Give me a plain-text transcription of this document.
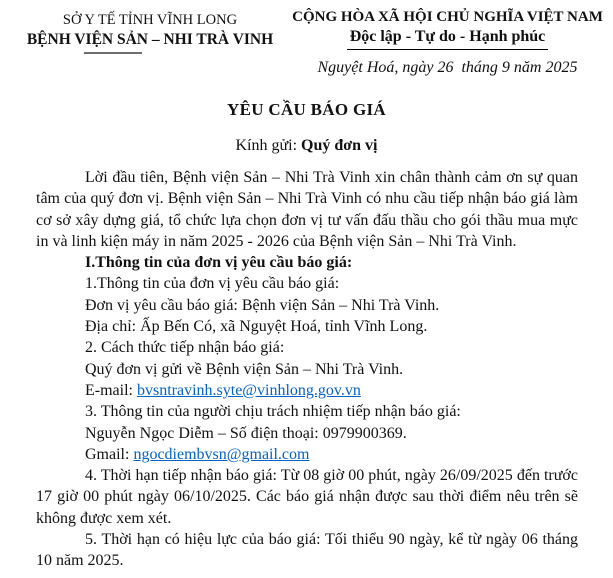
SỞ Y TẾ TỈNH VĨNH LONG
BỆNH VIỆN SẢN – NHI TRÀ VINH
CỘNG HÒA XÃ HỘI CHỦ NGHĨA VIỆT NAM
Độc lập - Tự do - Hạnh phúc
Nguyệt Hoá, ngày 26  tháng 9 năm 2025
YÊU CẦU BÁO GIÁ
Kính gửi: Quý đơn vị

Lời đầu tiên, Bệnh viện Sản – Nhi Trà Vinh xin chân thành cảm ơn sự quan tâm của quý đơn vị. Bệnh viện Sản – Nhi Trà Vinh có nhu cầu tiếp nhận báo giá làm cơ sở xây dựng giá, tổ chức lựa chọn đơn vị tư vấn đấu thầu cho gói thầu mua mực in và linh kiện máy in năm 2025 - 2026 của Bệnh viện Sản – Nhi Trà Vinh.

I.Thông tin của đơn vị yêu cầu báo giá:
1.Thông tin của đơn vị yêu cầu báo giá:
Đơn vị yêu cầu báo giá: Bệnh viện Sản – Nhi Trà Vinh.
Địa chỉ: Ấp Bến Có, xã Nguyệt Hoá, tỉnh Vĩnh Long.
2. Cách thức tiếp nhận báo giá:
Quý đơn vị gửi về Bệnh viện Sản – Nhi Trà Vinh.
E-mail: bvsntravinh.syte@vinhlong.gov.vn
3. Thông tin của người chịu trách nhiệm tiếp nhận báo giá:
Nguyễn Ngọc Diễm – Số điện thoại: 0979900369.
Gmail: ngocdiembvsn@gmail.com

4. Thời hạn tiếp nhận báo giá: Từ 08 giờ 00 phút, ngày 26/09/2025 đến trước 17 giờ 00 phút ngày 06/10/2025. Các báo giá nhận được sau thời điểm nêu trên sẽ không được xem xét.

5. Thời hạn có hiệu lực của báo giá: Tối thiểu 90 ngày, kể từ ngày 06 tháng 10 năm 2025.
